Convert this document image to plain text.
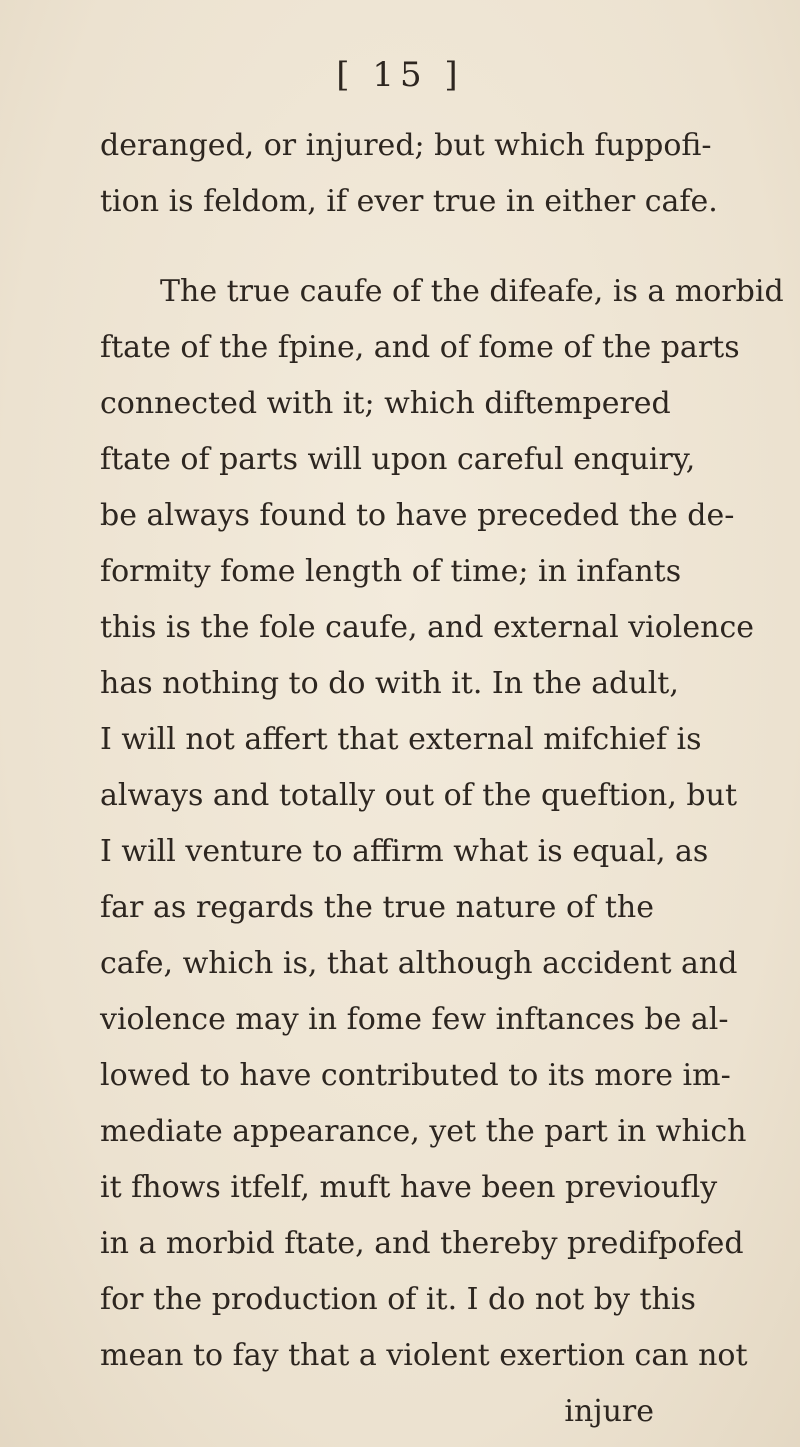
[ 15 ]
deranged, or injured; but which fuppofi-
tion is feldom, if ever true in either cafe.
The true caufe of the difeafe, is a morbid
ftate of the fpine, and of fome of the parts
connected with it; which diftempered
ftate of parts will upon careful enquiry,
be always found to have preceded the de-
formity fome length of time; in infants
this is the fole caufe, and external violence
has nothing to do with it. In the adult,
I will not affert that external mifchief is
always and totally out of the queftion, but
I will venture to affirm what is equal, as
far as regards the true nature of the
cafe, which is, that although accident and
violence may in fome few inftances be al-
lowed to have contributed to its more im-
mediate appearance, yet the part in which
it fhows itfelf, muft have been previoufly
in a morbid ftate, and thereby predifpofed
for the production of it. I do not by this
mean to fay that a violent exertion can not
injure
